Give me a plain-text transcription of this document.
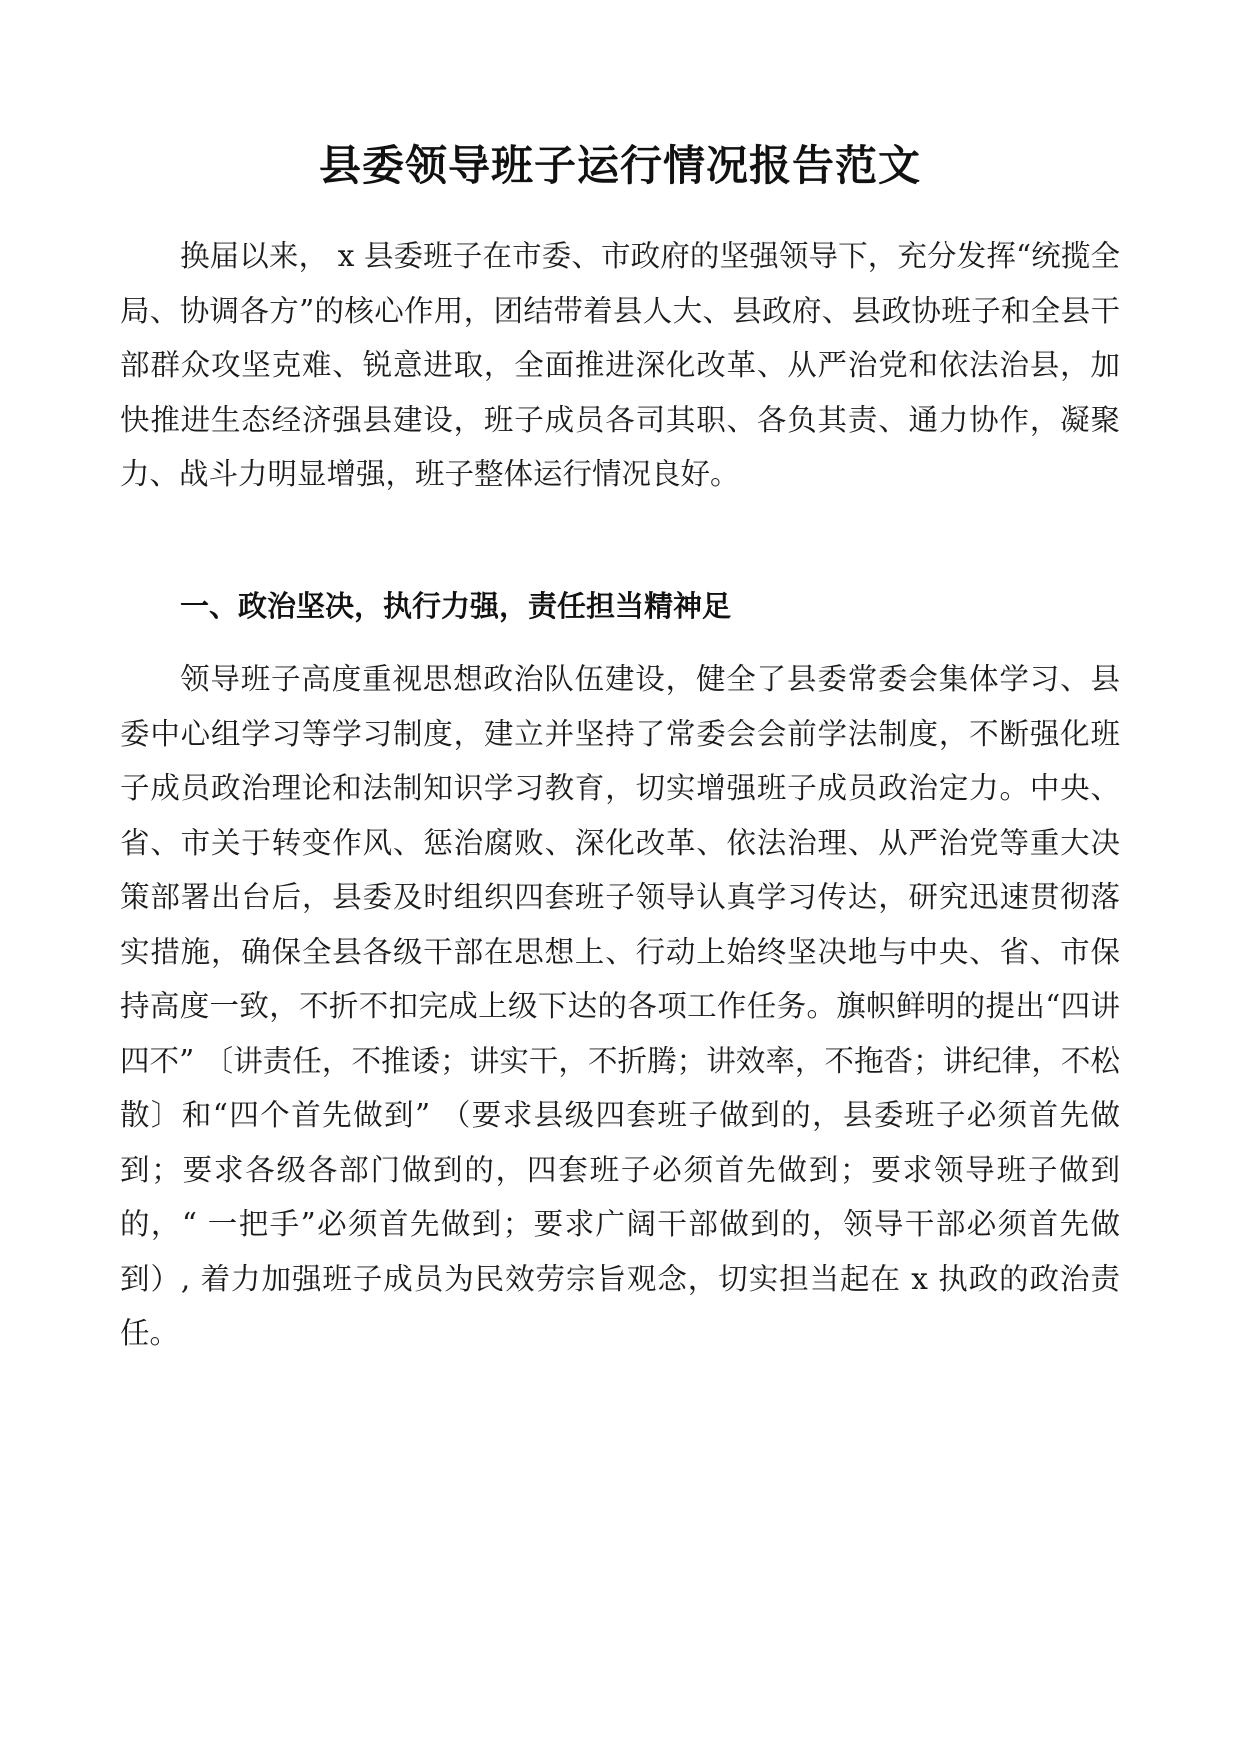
县委领导班子运行情况报告范文

换届以来， x 县委班子在市委、市政府的坚强领导下，充分发挥“统揽全局、协调各方”的核心作用，团结带着县人大、县政府、县政协班子和全县干部群众攻坚克难、锐意进取，全面推进深化改革、从严治党和依法治县，加快推进生态经济强县建设，班子成员各司其职、各负其责、通力协作，凝聚力、战斗力明显增强，班子整体运行情况良好。

一、政治坚决，执行力强，责任担当精神足

领导班子高度重视思想政治队伍建设，健全了县委常委会集体学习、县委中心组学习等学习制度，建立并坚持了常委会会前学法制度，不断强化班子成员政治理论和法制知识学习教育，切实增强班子成员政治定力。中央、省、市关于转变作风、惩治腐败、深化改革、依法治理、从严治党等重大决策部署出台后，县委及时组织四套班子领导认真学习传达，研究迅速贯彻落实措施，确保全县各级干部在思想上、行动上始终坚决地与中央、省、市保持高度一致，不折不扣完成上级下达的各项工作任务。旗帜鲜明的提出“四讲四不” 〔讲责任，不推诿；讲实干，不折腾；讲效率，不拖沓；讲纪律，不松散〕和“四个首先做到” （要求县级四套班子做到的，县委班子必须首先做到；要求各级各部门做到的，四套班子必须首先做到；要求领导班子做到的，“ 一把手”必须首先做到；要求广阔干部做到的，领导干部必须首先做到）, 着力加强班子成员为民效劳宗旨观念，切实担当起在 x 执政的政治责任。
